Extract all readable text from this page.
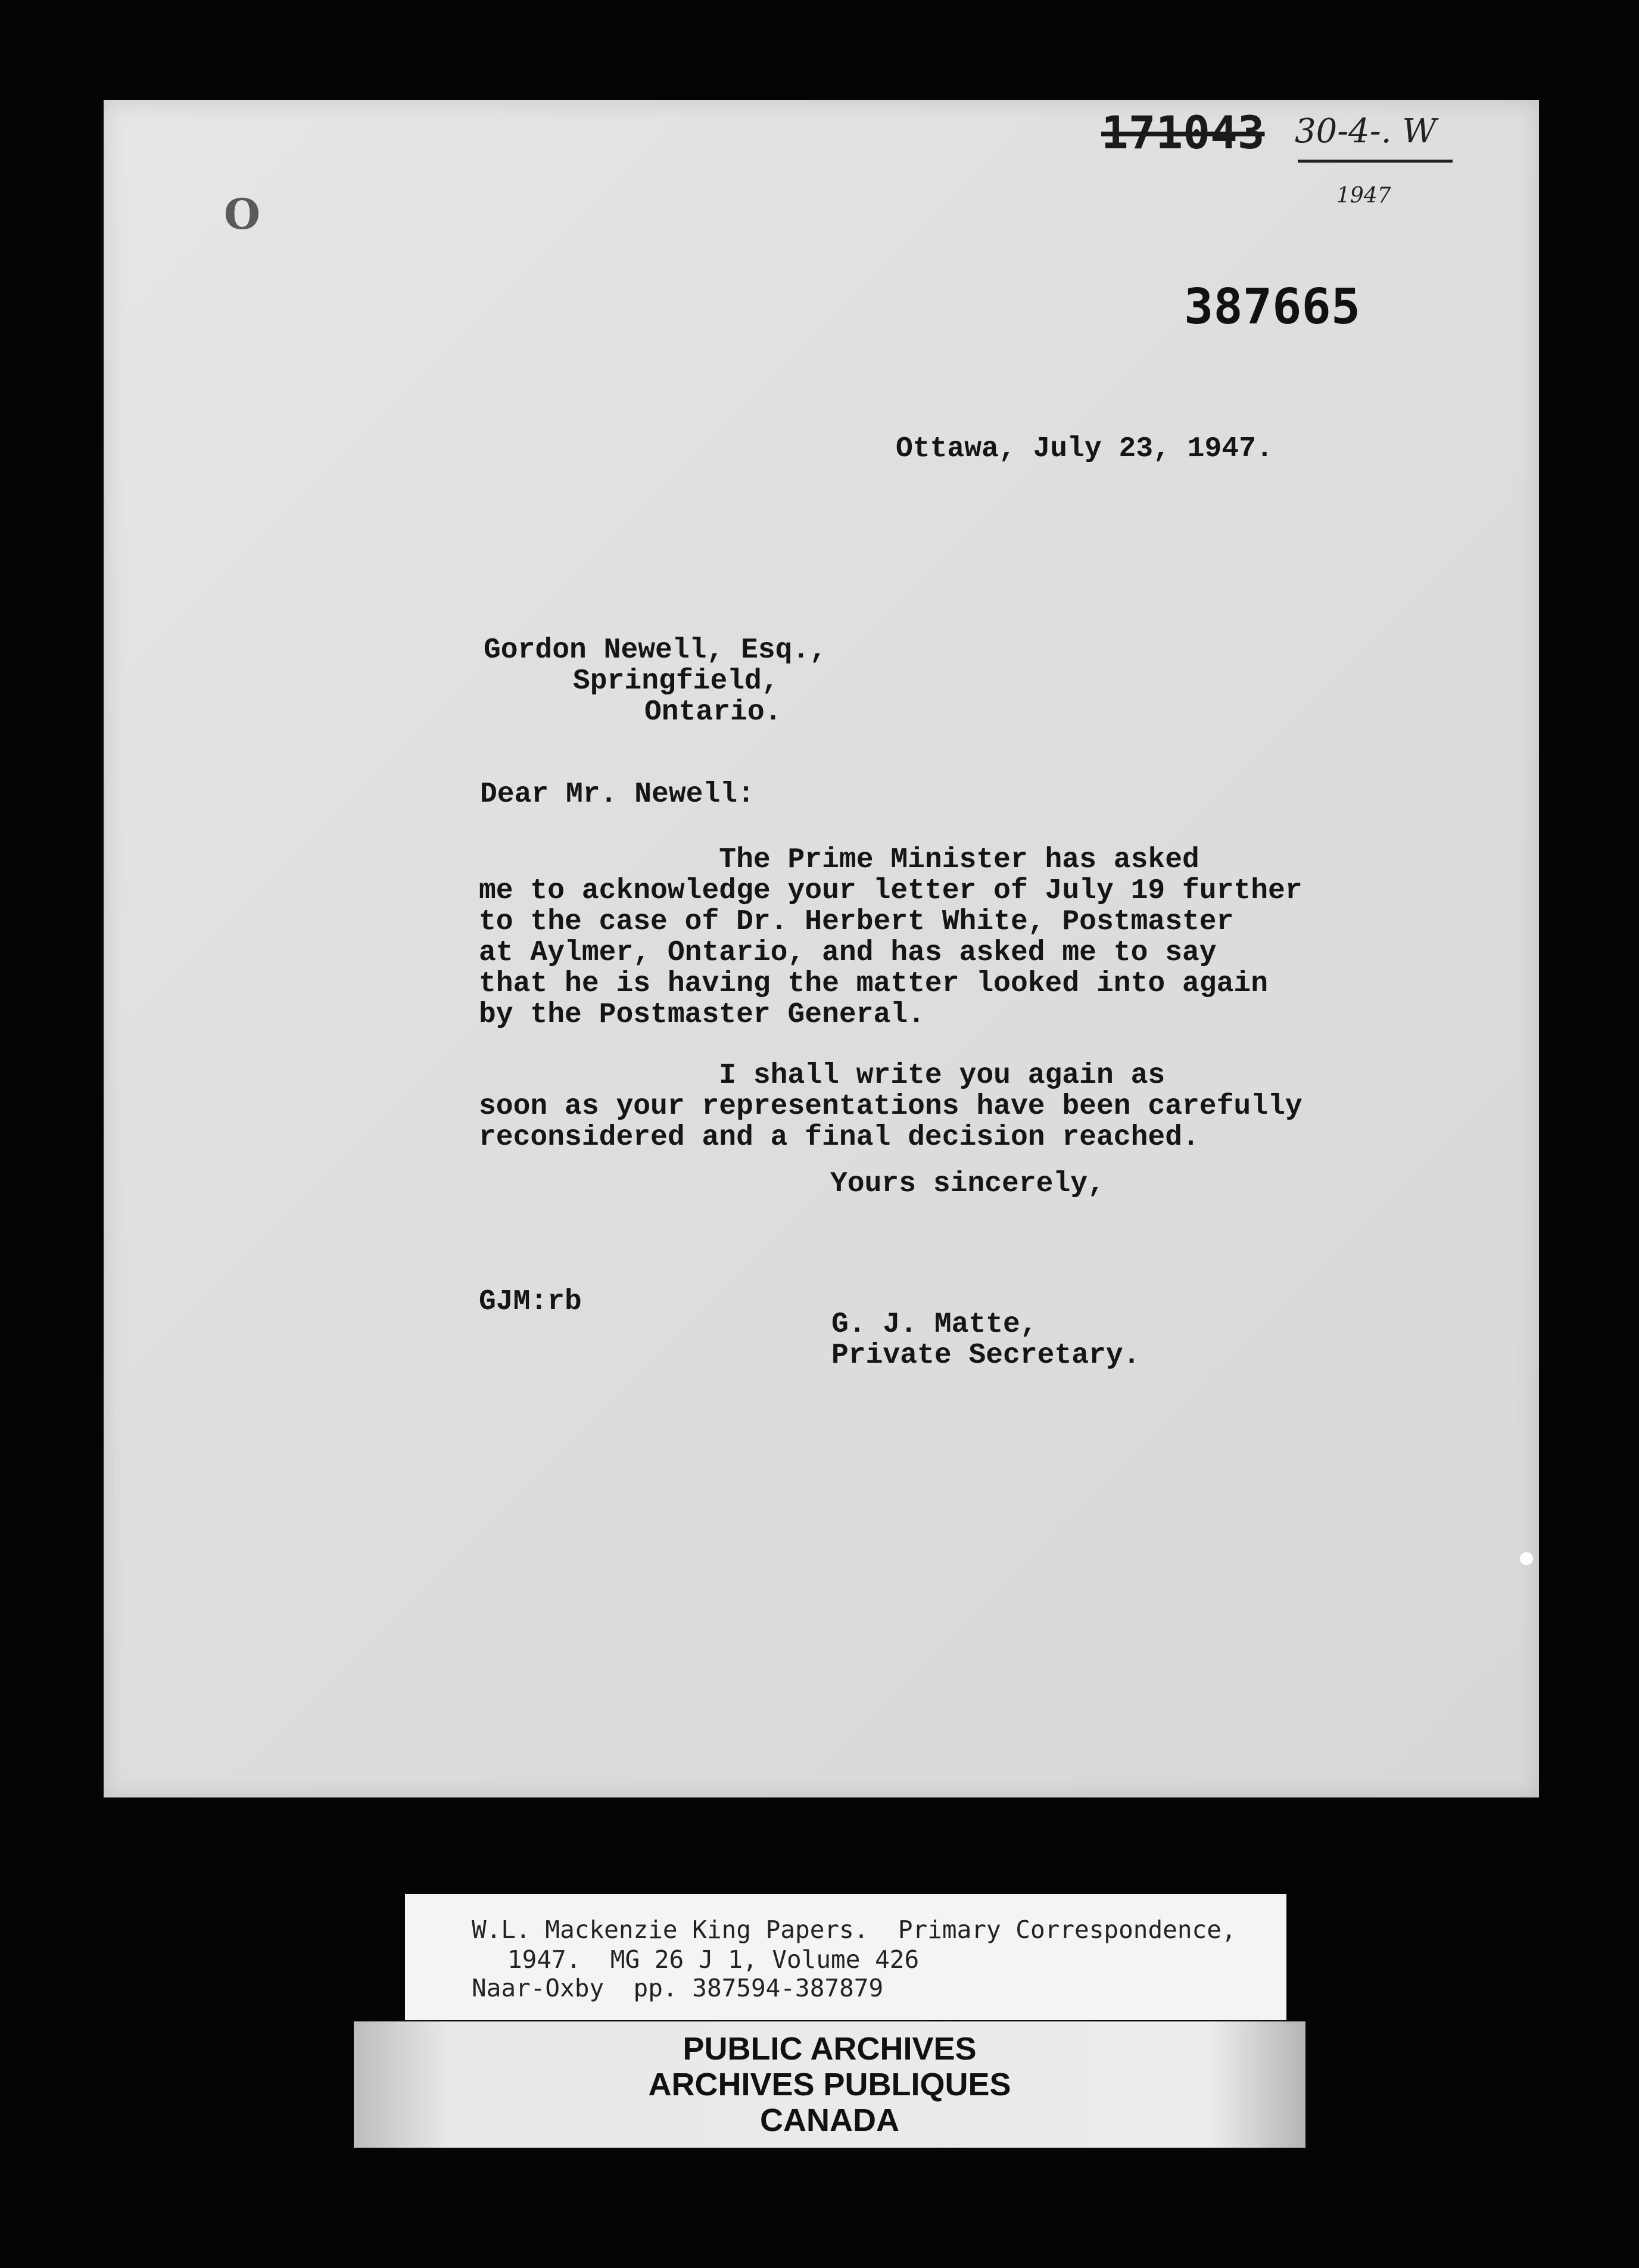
O
171043 30-4-. W
1947
387665
Ottawa, July 23, 1947.
Gordon Newell, Esq.,
Springfield,
Ontario.
Dear Mr. Newell:
The Prime Minister has asked
me to acknowledge your letter of July 19 further
to the case of Dr. Herbert White, Postmaster
at Aylmer, Ontario, and has asked me to say
that he is having the matter looked into again
by the Postmaster General.
I shall write you again as
soon as your representations have been carefully
reconsidered and a final decision reached.
Yours sincerely,
GJM:rb
G. J. Matte,
Private Secretary.
W.L. Mackenzie King Papers.  Primary Correspondence,
1947.  MG 26 J 1, Volume 426
Naar-Oxby  pp. 387594-387879
PUBLIC ARCHIVES
ARCHIVES PUBLIQUES
CANADA
